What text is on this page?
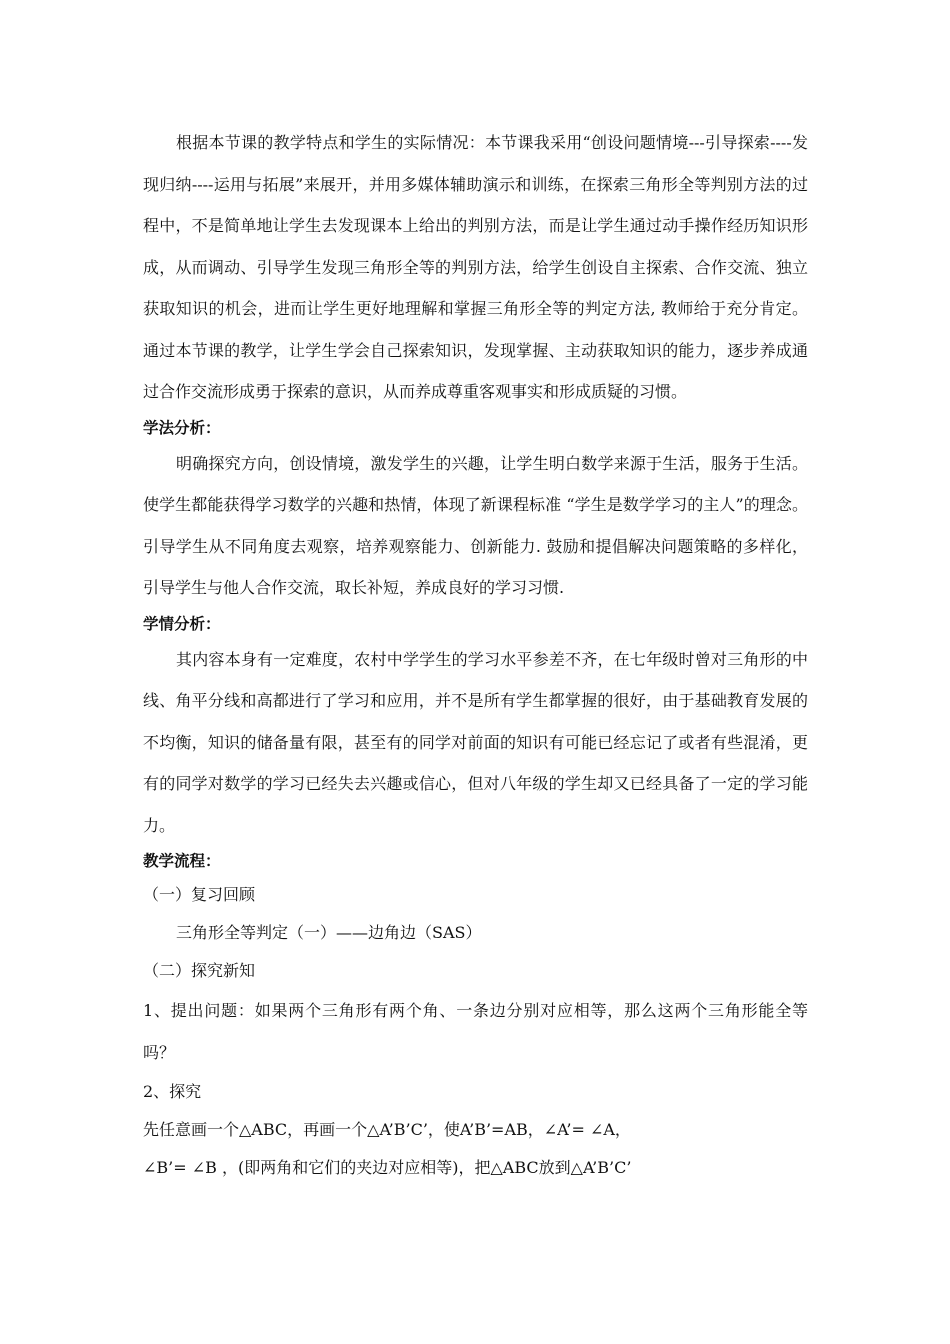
根据本节课的教学特点和学生的实际情况：本节课我采用“创设问题情境---引导探索----发现归纳----运用与拓展”来展开，并用多媒体辅助演示和训练，在探索三角形全等判别方法的过程中，不是简单地让学生去发现课本上给出的判别方法，而是让学生通过动手操作经历知识形成，从而调动、引导学生发现三角形全等的判别方法，给学生创设自主探索、合作交流、独立获取知识的机会，进而让学生更好地理解和掌握三角形全等的判定方法, 教师给于充分肯定。通过本节课的教学，让学生学会自己探索知识，发现掌握、主动获取知识的能力，逐步养成通过合作交流形成勇于探索的意识，从而养成尊重客观事实和形成质疑的习惯。

学法分析：

明确探究方向，创设情境，激发学生的兴趣，让学生明白数学来源于生活，服务于生活。使学生都能获得学习数学的兴趣和热情，体现了新课程标准 “学生是数学学习的主人”的理念。引导学生从不同角度去观察，培养观察能力、创新能力. 鼓励和提倡解决问题策略的多样化，引导学生与他人合作交流，取长补短，养成良好的学习习惯.

学情分析：

其内容本身有一定难度，农村中学学生的学习水平参差不齐，在七年级时曾对三角形的中线、角平分线和高都进行了学习和应用，并不是所有学生都掌握的很好，由于基础教育发展的不均衡，知识的储备量有限，甚至有的同学对前面的知识有可能已经忘记了或者有些混淆，更有的同学对数学的学习已经失去兴趣或信心，但对八年级的学生却又已经具备了一定的学习能力。

教学流程：
（一）复习回顾
三角形全等判定（一）——边角边（SAS）
（二）探究新知

1、提出问题：如果两个三角形有两个角、一条边分别对应相等，那么这两个三角形能全等吗？

2、探究
先任意画一个△ABC，再画一个△A’B’C’，使A’B’=AB，∠A’= ∠A，
∠B’= ∠B ，(即两角和它们的夹边对应相等)，把△ABC放到△A’B’C’
